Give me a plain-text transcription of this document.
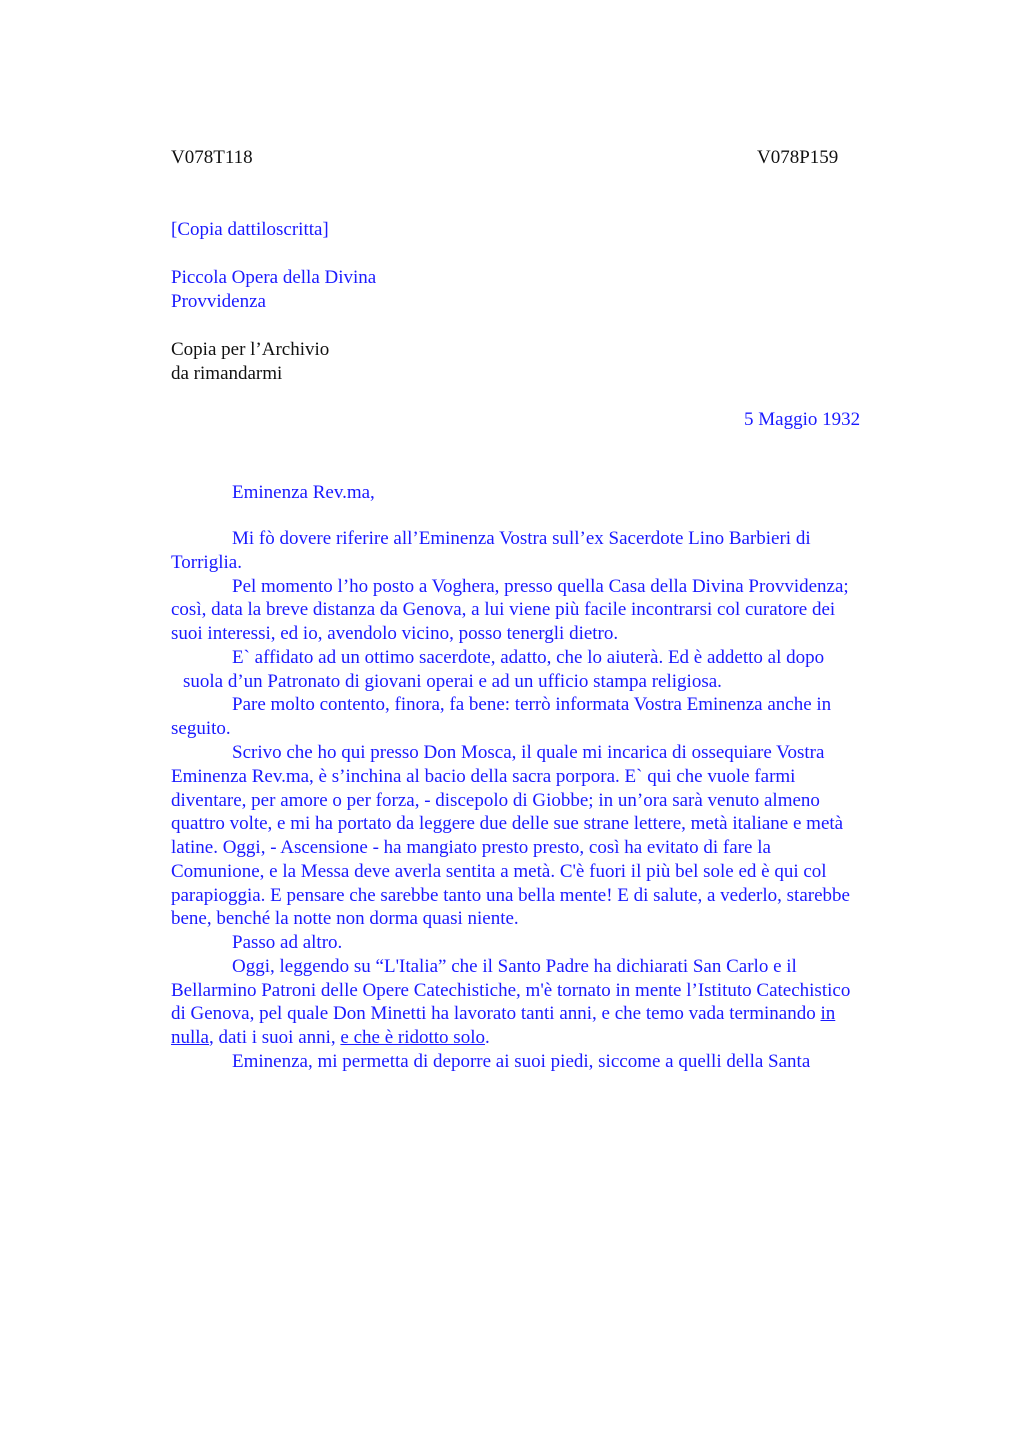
V078T118	V078P159
[Copia dattiloscritta]
Piccola Opera della Divina
Provvidenza
Copia per l’Archivio
da rimandarmi
5 Maggio 1932
Eminenza Rev.ma,
Mi fò dovere riferire all’Eminenza Vostra sull’ex Sacerdote Lino Barbieri di
Torriglia.
Pel momento l’ho posto a Voghera, presso quella Casa della Divina Provvidenza;
così, data la breve distanza da Genova, a lui viene più facile incontrarsi col curatore dei
suoi interessi, ed io, avendolo vicino, posso tenergli dietro.
E` affidato ad un ottimo sacerdote, adatto, che lo aiuterà. Ed è addetto al dopo
suola d’un Patronato di giovani operai e ad un ufficio stampa religiosa.
Pare molto contento, finora, fa bene: terrò informata Vostra Eminenza anche in
seguito.
Scrivo che ho qui presso Don Mosca, il quale mi incarica di ossequiare Vostra
Eminenza Rev.ma, è s’inchina al bacio della sacra porpora. E` qui che vuole farmi
diventare, per amore o per forza, - discepolo di Giobbe; in un’ora sarà venuto almeno
quattro volte, e mi ha portato da leggere due delle sue strane lettere, metà italiane e metà
latine. Oggi, - Ascensione - ha mangiato presto presto, così ha evitato di fare la
Comunione, e la Messa deve averla sentita a metà. C'è fuori il più bel sole ed è qui col
parapioggia. E pensare che sarebbe tanto una bella mente! E di salute, a vederlo, starebbe
bene, benché la notte non dorma quasi niente.
Passo ad altro.
Oggi, leggendo su “L'Italia” che il Santo Padre ha dichiarati San Carlo e il
Bellarmino Patroni delle Opere Catechistiche, m'è tornato in mente l’Istituto Catechistico
di Genova, pel quale Don Minetti ha lavorato tanti anni, e che temo vada terminando in
nulla, dati i suoi anni, e che è ridotto solo.
Eminenza, mi permetta di deporre ai suoi piedi, siccome a quelli della Santa
